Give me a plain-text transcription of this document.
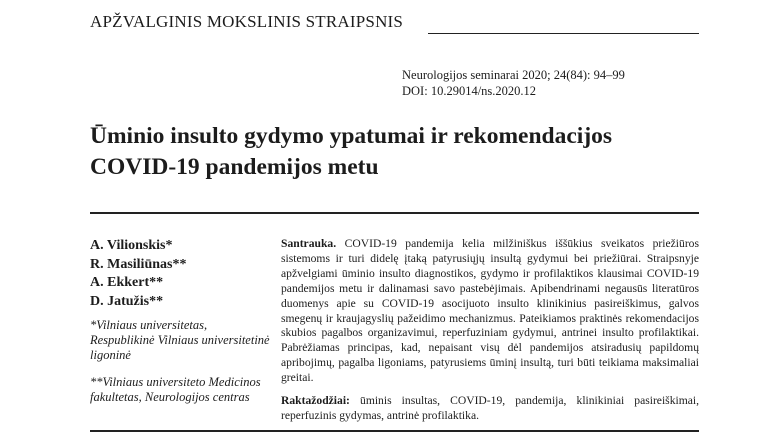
APŽVALGINIS MOKSLINIS STRAIPSNIS
Neurologijos seminarai 2020; 24(84): 94–99
DOI: 10.29014/ns.2020.12
Ūminio insulto gydymo ypatumai ir rekomendacijos
COVID-19 pandemijos metu
A. Vilionskis*
R. Masiliūnas**
A. Ekkert**
D. Jatužis**
*Vilniaus universitetas, Respublikinė Vilniaus universitetinė ligoninė
**Vilniaus universiteto Medicinos fakultetas, Neurologijos centras

Santrauka. COVID-19 pandemija kelia milžiniškus iššūkius sveikatos priežiūros sistemoms ir turi didelę įtaką patyrusiųjų insultą gydymui bei priežiūrai. Straipsnyje apžvelgiami ūminio insulto diagnostikos, gydymo ir profilaktikos klausimai COVID-19 pandemijos metu ir dalinamasi savo pastebėjimais. Apibendrinami negausūs literatūros duomenys apie su COVID-19 asocijuoto insulto klinikinius pasireiškimus, galvos smegenų ir kraujagyslių pažeidimo mechanizmus. Pateikiamos praktinės rekomendacijos skubios pagalbos organizavimui, reperfuziniam gydymui, antrinei insulto profilaktikai. Pabrėžiamas principas, kad, nepaisant visų dėl pandemijos atsiradusių papildomų apribojimų, pagalba ligoniams, patyrusiems ūminį insultą, turi būti teikiama maksimaliai greitai.

Raktažodžiai: ūminis insultas, COVID-19, pandemija, klinikiniai pasireiškimai, reperfuzinis gydymas, antrinė profilaktika.
